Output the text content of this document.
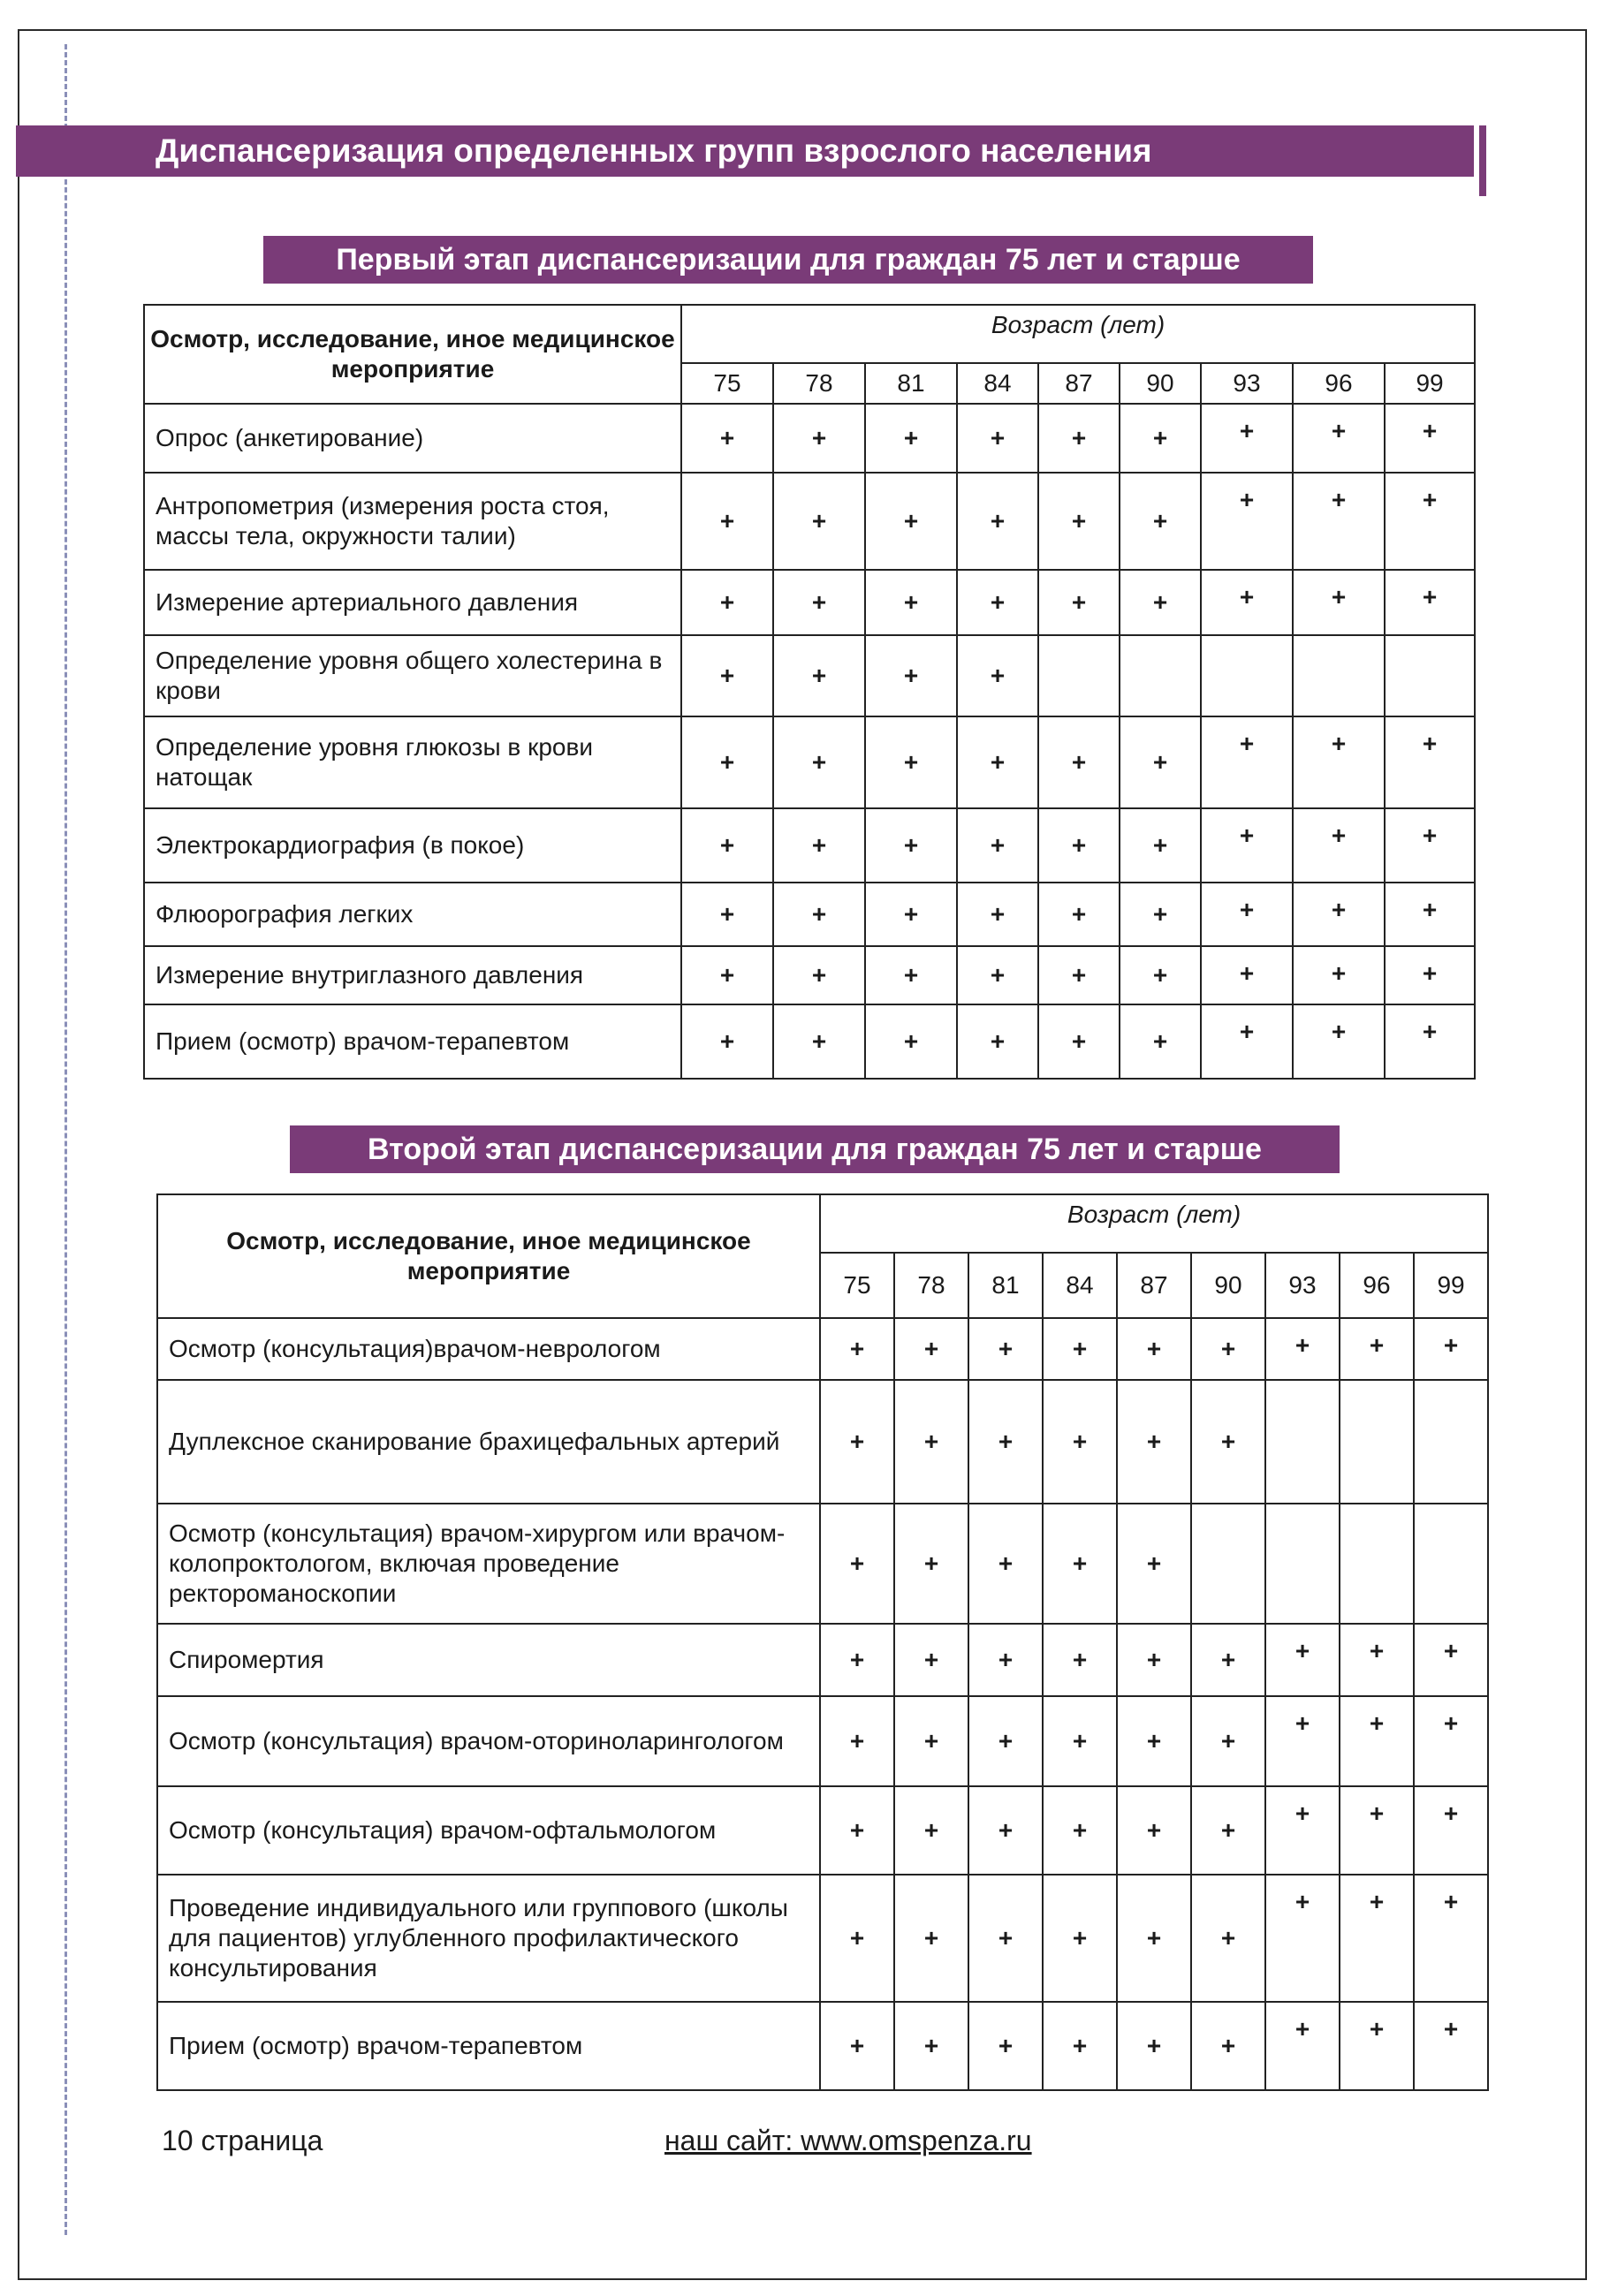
Диспансеризация определенных групп взрослого населения
Первый этап диспансеризации для граждан 75 лет и старше
Осмотр, исследование, иное медицинское мероприятие	Возраст (лет)								
	75	78	81	84	87	90	93	96	99
Опрос (анкетирование)	+	+	+	+	+	+	+	+	+
Антропометрия (измерения роста стоя, массы тела, окружности талии)	+	+	+	+	+	+	+	+	+
Измерение артериального давления	+	+	+	+	+	+	+	+	+
Определение уровня общего холестерина в крови	+	+	+	+					
Определение уровня глюкозы в крови натощак	+	+	+	+	+	+	+	+	+
Электрокардиография (в покое)	+	+	+	+	+	+	+	+	+
Флюорография легких	+	+	+	+	+	+	+	+	+
Измерение внутриглазного давления	+	+	+	+	+	+	+	+	+
Прием (осмотр) врачом-терапевтом	+	+	+	+	+	+	+	+	+
Второй этап диспансеризации для граждан 75 лет и старше
Осмотр, исследование, иное медицинское мероприятие	Возраст (лет)								
	75	78	81	84	87	90	93	96	99
Осмотр (консультация)врачом-неврологом	+	+	+	+	+	+	+	+	+
Дуплексное сканирование брахицефальных артерий	+	+	+	+	+	+			
Осмотр (консультация) врачом-хирургом или врачом-колопроктологом, включая проведение ректороманоскопии	+	+	+	+	+				
Спиромертия	+	+	+	+	+	+	+	+	+
Осмотр (консультация) врачом-оториноларингологом	+	+	+	+	+	+	+	+	+
Осмотр (консультация) врачом-офтальмологом	+	+	+	+	+	+	+	+	+
Проведение индивидуального или группового (школы для пациентов) углубленного профилактического консультирования	+	+	+	+	+	+	+	+	+
Прием (осмотр) врачом-терапевтом	+	+	+	+	+	+	+	+	+
10 страница	наш сайт: www.omspenza.ru
